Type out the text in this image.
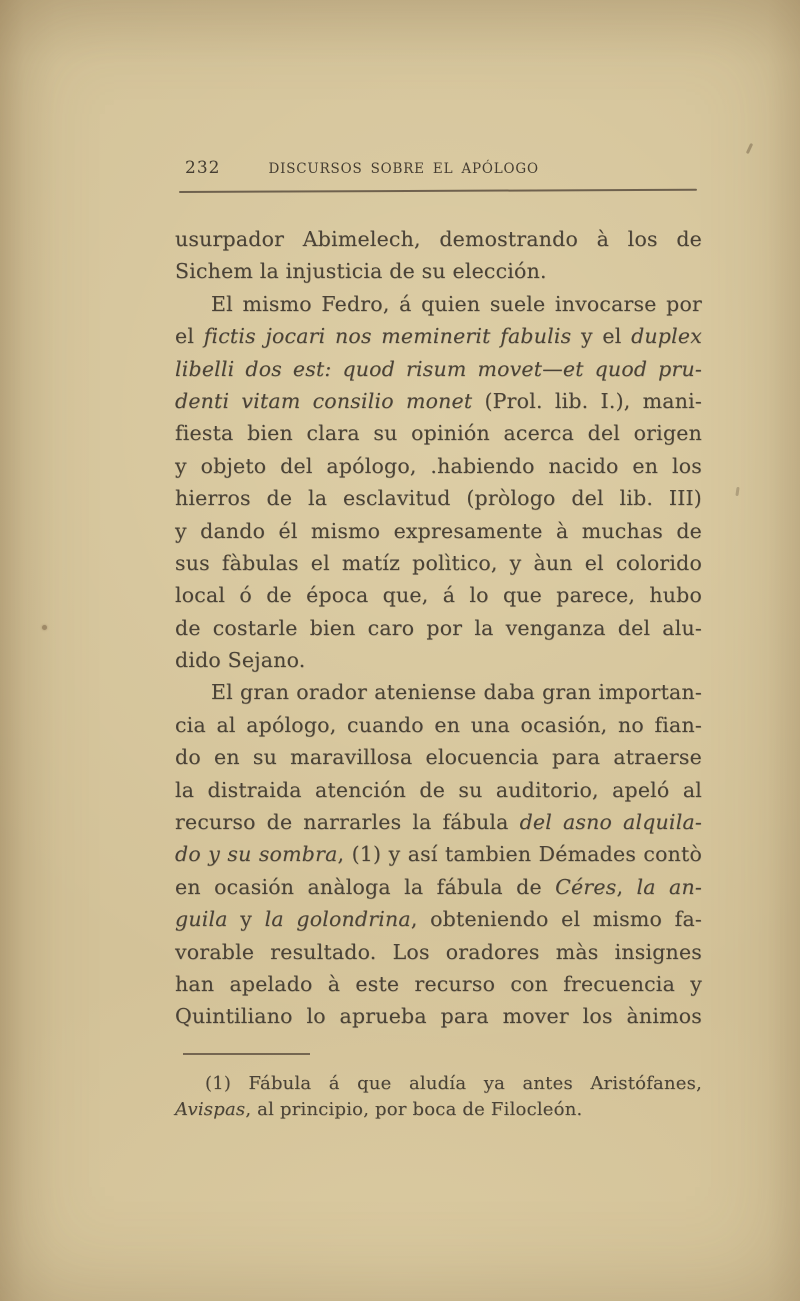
232	DISCURSOS SOBRE EL APÓLOGO
usurpador Abimelech, demostrando à los de
Sichem la injusticia de su elección.
El mismo Fedro, á quien suele invocarse por
el fictis jocari nos meminerit fabulis y el duplex
libelli dos est: quod risum movet—et quod pru-
denti vitam consilio monet (Prol. lib. I.), mani-
fiesta bien clara su opinión acerca del origen
y objeto del apólogo, .habiendo nacido en los
hierros de la esclavitud (pròlogo del lib. III)
y dando él mismo expresamente à muchas de
sus fàbulas el matíz polìtico, y àun el colorido
local ó de época que, á lo que parece, hubo
de costarle bien caro por la venganza del alu-
dido Sejano.
El gran orador ateniense daba gran importan-
cia al apólogo, cuando en una ocasión, no fian-
do en su maravillosa elocuencia para atraerse
la distraida atención de su auditorio, apeló al
recurso de narrarles la fábula del asno alquila-
do y su sombra, (1) y así tambien Démades contò
en ocasión anàloga la fábula de Céres, la an-
guila y la golondrina, obteniendo el mismo fa-
vorable resultado. Los oradores màs insignes
han apelado à este recurso con frecuencia y
Quintiliano lo aprueba para mover los ànimos
(1) Fábula á que aludía ya antes Aristófanes,
Avispas, al principio, por boca de Filocleón.
